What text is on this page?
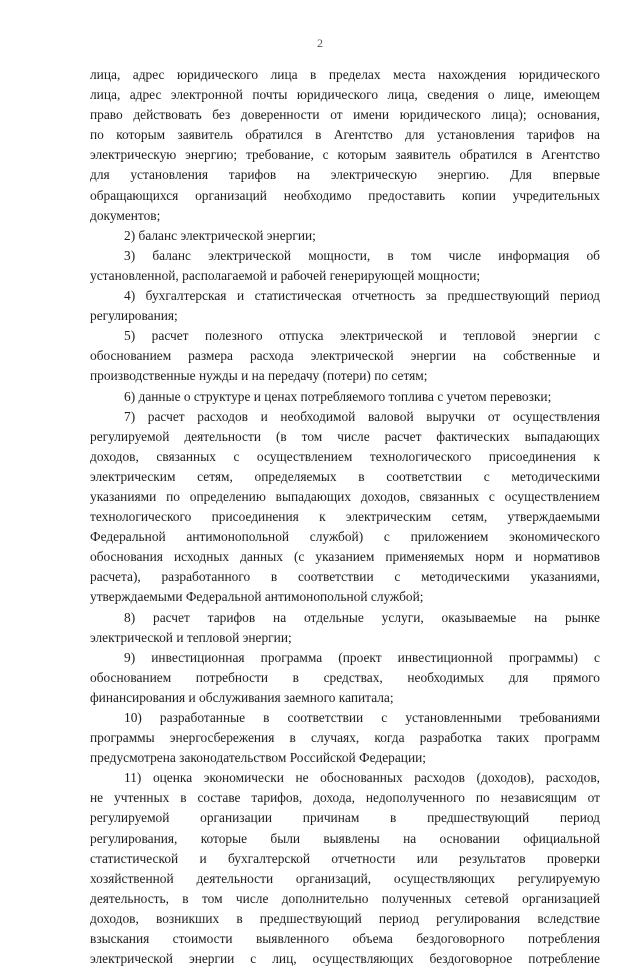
2
лица, адрес юридического лица в пределах места нахождения юридического
лица, адрес электронной почты юридического лица, сведения о лице, имеющем
право действовать без доверенности от имени юридического лица); основания,
по которым заявитель обратился в Агентство для установления тарифов на
электрическую энергию; требование, с которым заявитель обратился в Агентство
для установления тарифов на электрическую энергию. Для впервые
обращающихся организаций необходимо предоставить копии учредительных
документов;
2) баланс электрической энергии;
3) баланс электрической мощности, в том числе информация об
установленной, располагаемой и рабочей генерирующей мощности;
4) бухгалтерская и статистическая отчетность за предшествующий период
регулирования;
5) расчет полезного отпуска электрической и тепловой энергии с
обоснованием размера расхода электрической энергии на собственные и
производственные нужды и на передачу (потери) по сетям;
6) данные о структуре и ценах потребляемого топлива с учетом перевозки;
7) расчет расходов и необходимой валовой выручки от осуществления
регулируемой деятельности (в том числе расчет фактических выпадающих
доходов, связанных с осуществлением технологического присоединения к
электрическим сетям, определяемых в соответствии с методическими
указаниями по определению выпадающих доходов, связанных с осуществлением
технологического присоединения к электрическим сетям, утверждаемыми
Федеральной антимонопольной службой) с приложением экономического
обоснования исходных данных (с указанием применяемых норм и нормативов
расчета), разработанного в соответствии с методическими указаниями,
утверждаемыми Федеральной антимонопольной службой;
8) расчет тарифов на отдельные услуги, оказываемые на рынке
электрической и тепловой энергии;
9) инвестиционная программа (проект инвестиционной программы) с
обоснованием потребности в средствах, необходимых для прямого
финансирования и обслуживания заемного капитала;
10) разработанные в соответствии с установленными требованиями
программы энергосбережения в случаях, когда разработка таких программ
предусмотрена законодательством Российской Федерации;
11) оценка экономически не обоснованных расходов (доходов), расходов,
не учтенных в составе тарифов, дохода, недополученного по независящим от
регулируемой организации причинам в предшествующий период
регулирования, которые были выявлены на основании официальной
статистической и бухгалтерской отчетности или результатов проверки
хозяйственной деятельности организаций, осуществляющих регулируемую
деятельность, в том числе дополнительно полученных сетевой организацией
доходов, возникших в предшествующий период регулирования вследствие
взыскания стоимости выявленного объема бездоговорного потребления
электрической энергии с лиц, осуществляющих бездоговорное потребление
